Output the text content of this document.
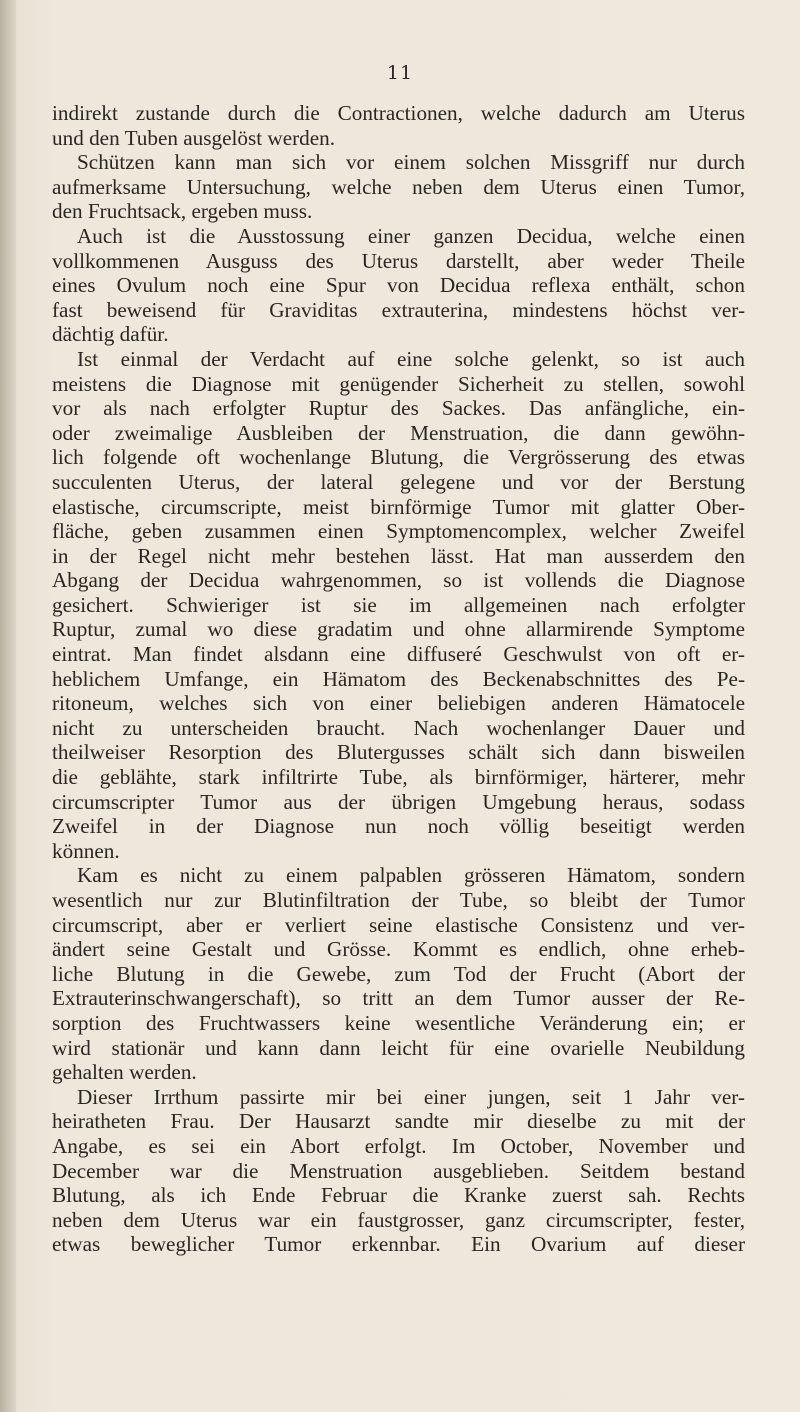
11
indirekt zustande durch die Contractionen, welche dadurch am Uterus
und den Tuben ausgelöst werden.
Schützen kann man sich vor einem solchen Missgriff nur durch
aufmerksame Untersuchung, welche neben dem Uterus einen Tumor,
den Fruchtsack, ergeben muss.
Auch ist die Ausstossung einer ganzen Decidua, welche einen
vollkommenen Ausguss des Uterus darstellt, aber weder Theile
eines Ovulum noch eine Spur von Decidua reflexa enthält, schon
fast beweisend für Graviditas extrauterina, mindestens höchst ver-
dächtig dafür.
Ist einmal der Verdacht auf eine solche gelenkt, so ist auch
meistens die Diagnose mit genügender Sicherheit zu stellen, sowohl
vor als nach erfolgter Ruptur des Sackes. Das anfängliche, ein-
oder zweimalige Ausbleiben der Menstruation, die dann gewöhn-
lich folgende oft wochenlange Blutung, die Vergrösserung des etwas
succulenten Uterus, der lateral gelegene und vor der Berstung
elastische, circumscripte, meist birnförmige Tumor mit glatter Ober-
fläche, geben zusammen einen Symptomencomplex, welcher Zweifel
in der Regel nicht mehr bestehen lässt. Hat man ausserdem den
Abgang der Decidua wahrgenommen, so ist vollends die Diagnose
gesichert. Schwieriger ist sie im allgemeinen nach erfolgter
Ruptur, zumal wo diese gradatim und ohne allarmirende Symptome
eintrat. Man findet alsdann eine diffuseré Geschwulst von oft er-
heblichem Umfange, ein Hämatom des Beckenabschnittes des Pe-
ritoneum, welches sich von einer beliebigen anderen Hämatocele
nicht zu unterscheiden braucht. Nach wochenlanger Dauer und
theilweiser Resorption des Blutergusses schält sich dann bisweilen
die geblähte, stark infiltrirte Tube, als birnförmiger, härterer, mehr
circumscripter Tumor aus der übrigen Umgebung heraus, sodass
Zweifel in der Diagnose nun noch völlig beseitigt werden
können.
Kam es nicht zu einem palpablen grösseren Hämatom, sondern
wesentlich nur zur Blutinfiltration der Tube, so bleibt der Tumor
circumscript, aber er verliert seine elastische Consistenz und ver-
ändert seine Gestalt und Grösse. Kommt es endlich, ohne erheb-
liche Blutung in die Gewebe, zum Tod der Frucht (Abort der
Extrauterinschwangerschaft), so tritt an dem Tumor ausser der Re-
sorption des Fruchtwassers keine wesentliche Veränderung ein; er
wird stationär und kann dann leicht für eine ovarielle Neubildung
gehalten werden.
Dieser Irrthum passirte mir bei einer jungen, seit 1 Jahr ver-
heiratheten Frau. Der Hausarzt sandte mir dieselbe zu mit der
Angabe, es sei ein Abort erfolgt. Im October, November und
December war die Menstruation ausgeblieben. Seitdem bestand
Blutung, als ich Ende Februar die Kranke zuerst sah. Rechts
neben dem Uterus war ein faustgrosser, ganz circumscripter, fester,
etwas beweglicher Tumor erkennbar. Ein Ovarium auf dieser
